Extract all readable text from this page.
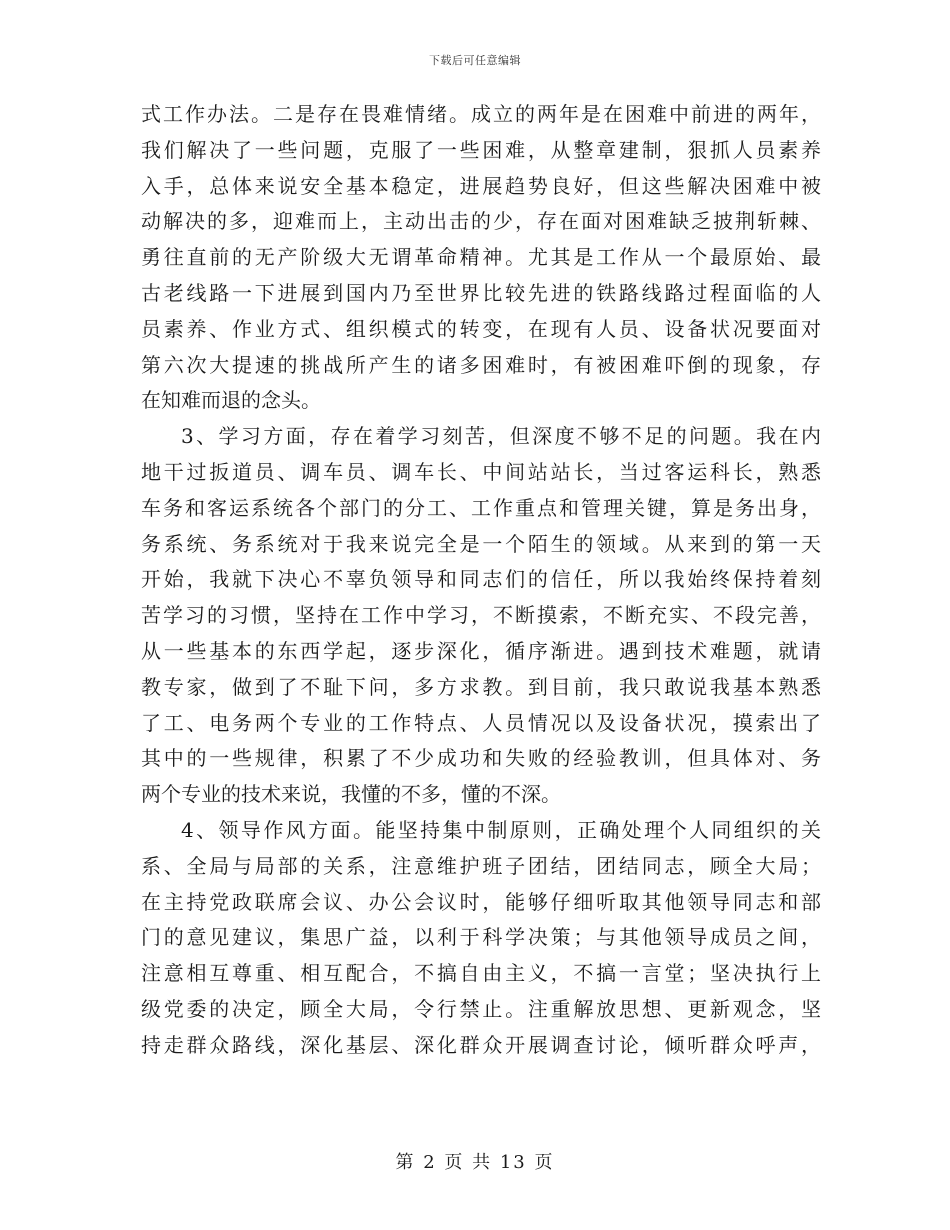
下载后可任意编辑
式工作办法。二是存在畏难情绪。成立的两年是在困难中前进的两年，
我们解决了一些问题，克服了一些困难，从整章建制，狠抓人员素养
入手，总体来说安全基本稳定，进展趋势良好，但这些解决困难中被
动解决的多，迎难而上，主动出击的少，存在面对困难缺乏披荆斩棘、
勇往直前的无产阶级大无谓革命精神。尤其是工作从一个最原始、最
古老线路一下进展到国内乃至世界比较先进的铁路线路过程面临的人
员素养、作业方式、组织模式的转变，在现有人员、设备状况要面对
第六次大提速的挑战所产生的诸多困难时，有被困难吓倒的现象，存
在知难而退的念头。
3、学习方面，存在着学习刻苦，但深度不够不足的问题。我在内
地干过扳道员、调车员、调车长、中间站站长，当过客运科长，熟悉
车务和客运系统各个部门的分工、工作重点和管理关键，算是务出身，
务系统、务系统对于我来说完全是一个陌生的领域。从来到的第一天
开始，我就下决心不辜负领导和同志们的信任，所以我始终保持着刻
苦学习的习惯，坚持在工作中学习，不断摸索，不断充实、不段完善，
从一些基本的东西学起，逐步深化，循序渐进。遇到技术难题，就请
教专家，做到了不耻下问，多方求教。到目前，我只敢说我基本熟悉
了工、电务两个专业的工作特点、人员情况以及设备状况，摸索出了
其中的一些规律，积累了不少成功和失败的经验教训，但具体对、务
两个专业的技术来说，我懂的不多，懂的不深。
4、领导作风方面。能坚持集中制原则，正确处理个人同组织的关
系、全局与局部的关系，注意维护班子团结，团结同志，顾全大局；
在主持党政联席会议、办公会议时，能够仔细听取其他领导同志和部
门的意见建议，集思广益，以利于科学决策；与其他领导成员之间，
注意相互尊重、相互配合，不搞自由主义，不搞一言堂；坚决执行上
级党委的决定，顾全大局，令行禁止。注重解放思想、更新观念，坚
持走群众路线，深化基层、深化群众开展调查讨论，倾听群众呼声，
第 2 页 共 13 页
